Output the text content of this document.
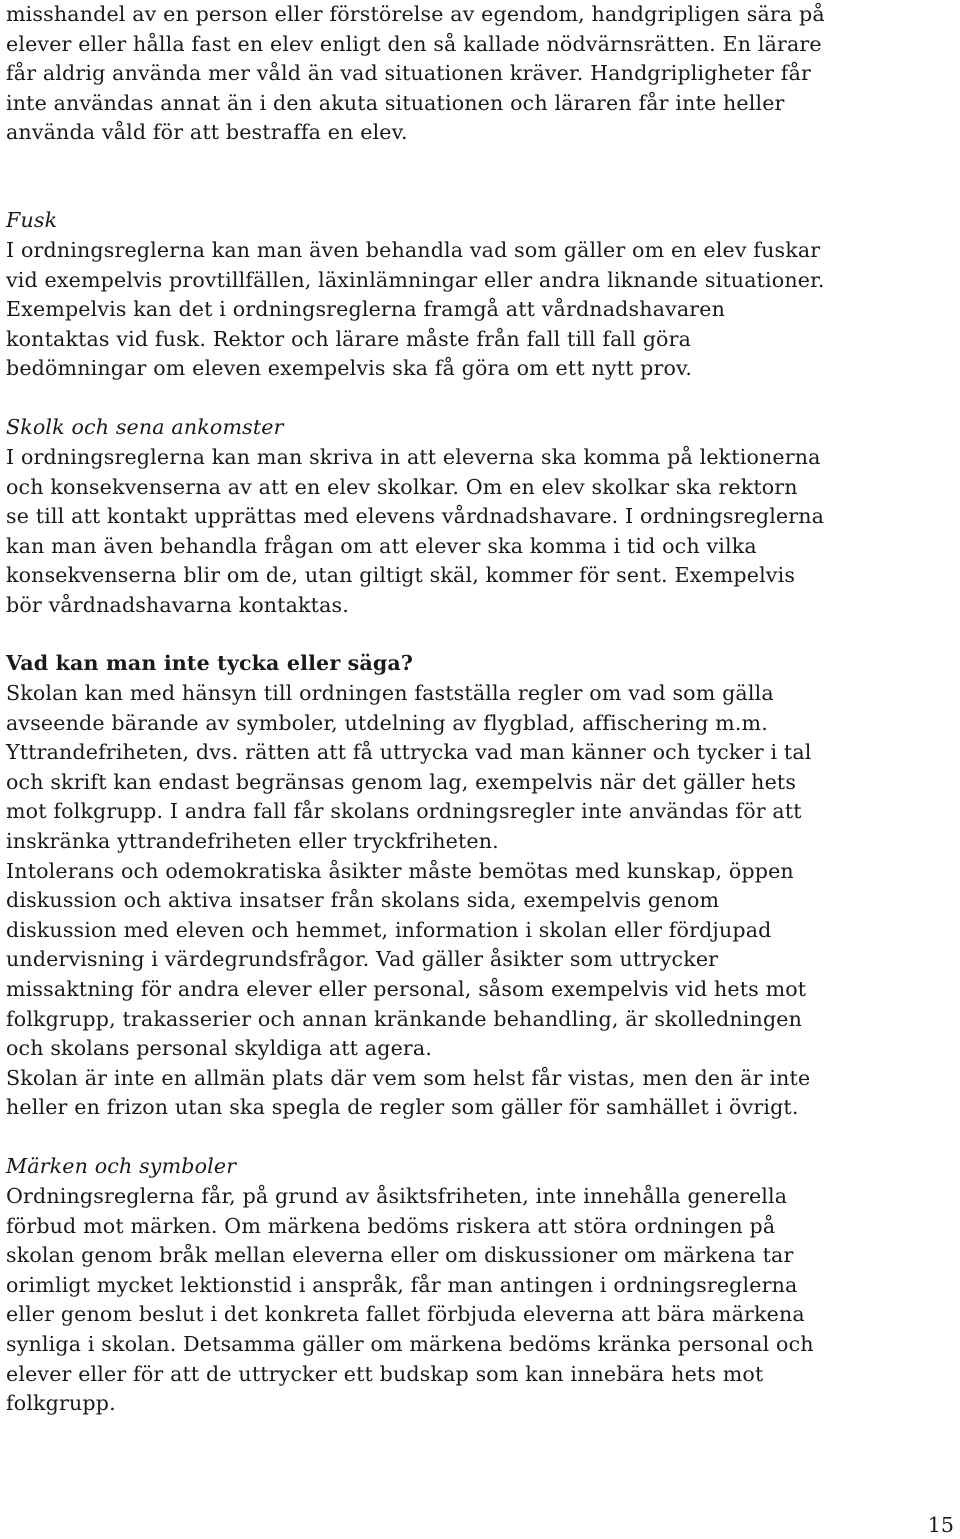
misshandel av en person eller förstörelse av egendom, handgripligen sära på
elever eller hålla fast en elev enligt den så kallade nödvärnsrätten. En lärare
får aldrig använda mer våld än vad situationen kräver. Handgripligheter får
inte användas annat än i den akuta situationen och läraren får inte heller
använda våld för att bestraffa en elev.
Fusk
I ordningsreglerna kan man även behandla vad som gäller om en elev fuskar
vid exempelvis provtillfällen, läxinlämningar eller andra liknande situationer.
Exempelvis kan det i ordningsreglerna framgå att vårdnadshavaren
kontaktas vid fusk. Rektor och lärare måste från fall till fall göra
bedömningar om eleven exempelvis ska få göra om ett nytt prov.
Skolk och sena ankomster
I ordningsreglerna kan man skriva in att eleverna ska komma på lektionerna
och konsekvenserna av att en elev skolkar. Om en elev skolkar ska rektorn
se till att kontakt upprättas med elevens vårdnadshavare. I ordningsreglerna
kan man även behandla frågan om att elever ska komma i tid och vilka
konsekvenserna blir om de, utan giltigt skäl, kommer för sent. Exempelvis
bör vårdnadshavarna kontaktas.
Vad kan man inte tycka eller säga?
Skolan kan med hänsyn till ordningen fastställa regler om vad som gälla
avseende bärande av symboler, utdelning av flygblad, affischering m.m.
Yttrandefriheten, dvs. rätten att få uttrycka vad man känner och tycker i tal
och skrift kan endast begränsas genom lag, exempelvis när det gäller hets
mot folkgrupp. I andra fall får skolans ordningsregler inte användas för att
inskränka yttrandefriheten eller tryckfriheten.
Intolerans och odemokratiska åsikter måste bemötas med kunskap, öppen
diskussion och aktiva insatser från skolans sida, exempelvis genom
diskussion med eleven och hemmet, information i skolan eller fördjupad
undervisning i värdegrundsfrågor. Vad gäller åsikter som uttrycker
missaktning för andra elever eller personal, såsom exempelvis vid hets mot
folkgrupp, trakasserier och annan kränkande behandling, är skolledningen
och skolans personal skyldiga att agera.
Skolan är inte en allmän plats där vem som helst får vistas, men den är inte
heller en frizon utan ska spegla de regler som gäller för samhället i övrigt.
Märken och symboler
Ordningsreglerna får, på grund av åsiktsfriheten, inte innehålla generella
förbud mot märken. Om märkena bedöms riskera att störa ordningen på
skolan genom bråk mellan eleverna eller om diskussioner om märkena tar
orimligt mycket lektionstid i anspråk, får man antingen i ordningsreglerna
eller genom beslut i det konkreta fallet förbjuda eleverna att bära märkena
synliga i skolan. Detsamma gäller om märkena bedöms kränka personal och
elever eller för att de uttrycker ett budskap som kan innebära hets mot
folkgrupp.
15
